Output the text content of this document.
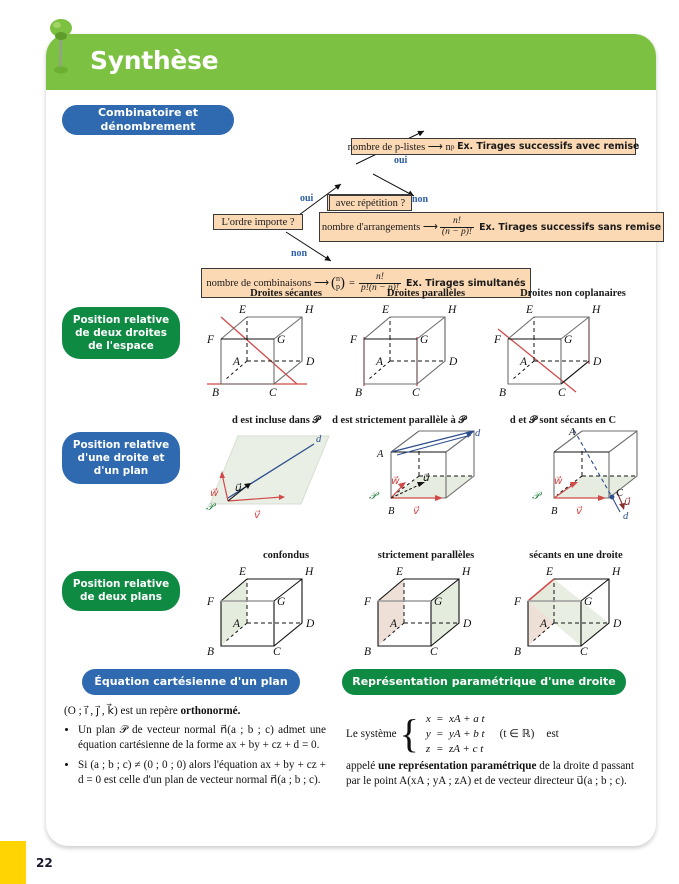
Synthèse
nombre de p-listes ⟶ n p
Ex. Tirages successifs avec remise
oui
avec répétition ?
L'ordre importe ?
oui	non
non
nombre d'arrangements ⟶ $\frac{n!}{(n - p)!} Ex$. Tirages successifs sans remise
nombre de combinaisons ⟶ ( n
p ) = $\frac{n!}{p!(n - p)!} Ex$. Tirages simultanés
Combinatoire et dénombrement
Position relative
de deux droites
de l'espace
Droites sécantes	Droites parallèles	Droites non coplanaires
E	H
F	G
A	D
B	C
E	H
F	G
A	D
B	C
E	H
F	G
A	D
B	C
Position relative
d'une droite et
d'un plan
d est incluse dans 𝒫	d est strictement parallèle à 𝒫	d et 𝒫 sont sécants en C
d
w⃗ u⃗
v⃗
𝒫
A
d
w⃗ u⃗
v⃗
𝒫
B
A
C
u⃗
d
w⃗
v⃗
𝒫
B
Position relative
de deux plans
confondus	strictement parallèles	sécants en une droite
E	H
F	G
A	D
B	C
E	H
F	G
A	D
B	C
E	H
F	G
A	D
B	C
Équation cartésienne d'un plan
(O ; i⃗ , j⃗ , k⃗) est un repère orthonormé.
• Un plan 𝒫 de vecteur normal n⃗(a ; b ; c) admet une équation cartésienne de la forme ax + by + cz + d = 0.
• Si (a ; b ; c) ≠ (0 ; 0 ; 0) alors l'équation ax + by + cz + d = 0 est celle d'un plan de vecteur normal n⃗(a ; b ; c).
Représentation paramétrique d'une droite
Le système { x	=	xA + a t
y	=	yA + b t
z	=	zA + c t
(t ∈ ℝ) est
appelé une représentation paramétrique de la droite d passant par le point A(xA ; yA ; zA) et de vecteur directeur u⃗(a ; b ; c).
22
